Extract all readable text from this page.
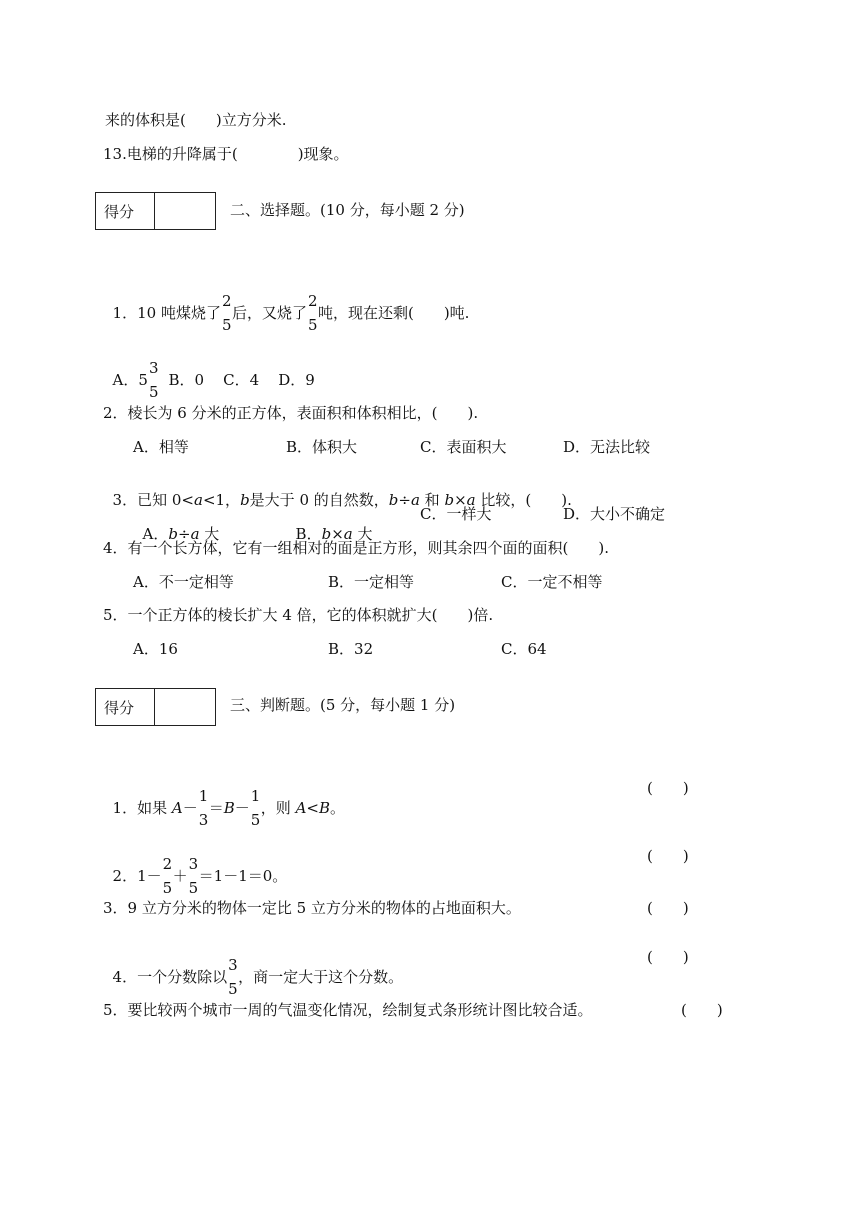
来的体积是(　　)立方分米.
13.电梯的升降属于(　　　　)现象。
得分	二、选择题。(10 分，每小题 2 分)

1．10 吨煤烧了
2
5
后，又烧了
2
5
吨，现在还剩(　　)吨.

A．5
3
5
B．0    C．4    D．9

2．棱长为 6 分米的正方体，表面积和体积相比，(　　).
A．相等	B．体积大	C．表面积大	D．无法比较

3．已知 0<a<1，b是大于 0 的自然数，b÷a 和 b×a 比较，(　　).

A．b÷a 大	B．b×a 大

C．一样大	D．大小不确定
4．有一个长方体，它有一组相对的面是正方形，则其余四个面的面积(　　).
A．不一定相等	B．一定相等	C．一定不相等
5．一个正方体的棱长扩大 4 倍，它的体积就扩大(　　)倍.
A．16	B．32	C．64
得分	三、判断题。(5 分，每小题 1 分)

1．如果 A－
1
3
＝B－
1
5
，则 A<B。

(　　)

2．1－
2
5
＋
3
5
＝1－1＝0。

(　　)
3．9 立方分米的物体一定比 5 立方分米的物体的占地面积大。	(　　)

4．一个分数除以
3
5
，商一定大于这个分数。

(　　)
5．要比较两个城市一周的气温变化情况，绘制复式条形统计图比较合适。	(　　)
